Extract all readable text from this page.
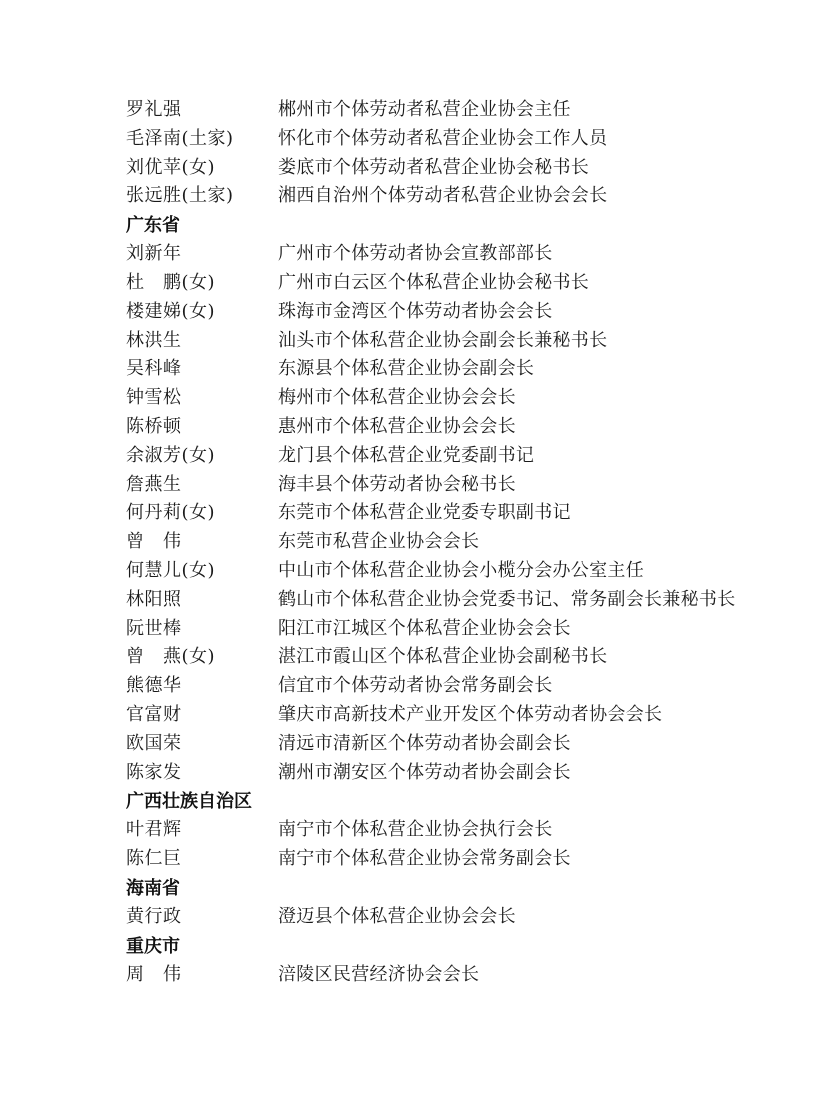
罗礼强	郴州市个体劳动者私营企业协会主任
毛泽南(土家)	怀化市个体劳动者私营企业协会工作人员
刘优苹(女)	娄底市个体劳动者私营企业协会秘书长
张远胜(土家)	湘西自治州个体劳动者私营企业协会会长
广东省
刘新年	广州市个体劳动者协会宣教部部长
杜　鹏(女)	广州市白云区个体私营企业协会秘书长
楼建娣(女)	珠海市金湾区个体劳动者协会会长
林洪生	汕头市个体私营企业协会副会长兼秘书长
吴科峰	东源县个体私营企业协会副会长
钟雪松	梅州市个体私营企业协会会长
陈桥顿	惠州市个体私营企业协会会长
余淑芳(女)	龙门县个体私营企业党委副书记
詹燕生	海丰县个体劳动者协会秘书长
何丹莉(女)	东莞市个体私营企业党委专职副书记
曾　伟	东莞市私营企业协会会长
何慧儿(女)	中山市个体私营企业协会小榄分会办公室主任
林阳照	鹤山市个体私营企业协会党委书记、常务副会长兼秘书长
阮世棒	阳江市江城区个体私营企业协会会长
曾　燕(女)	湛江市霞山区个体私营企业协会副秘书长
熊德华	信宜市个体劳动者协会常务副会长
官富财	肇庆市高新技术产业开发区个体劳动者协会会长
欧国荣	清远市清新区个体劳动者协会副会长
陈家发	潮州市潮安区个体劳动者协会副会长
广西壮族自治区
叶君辉	南宁市个体私营企业协会执行会长
陈仁巨	南宁市个体私营企业协会常务副会长
海南省
黄行政	澄迈县个体私营企业协会会长
重庆市
周　伟	涪陵区民营经济协会会长
